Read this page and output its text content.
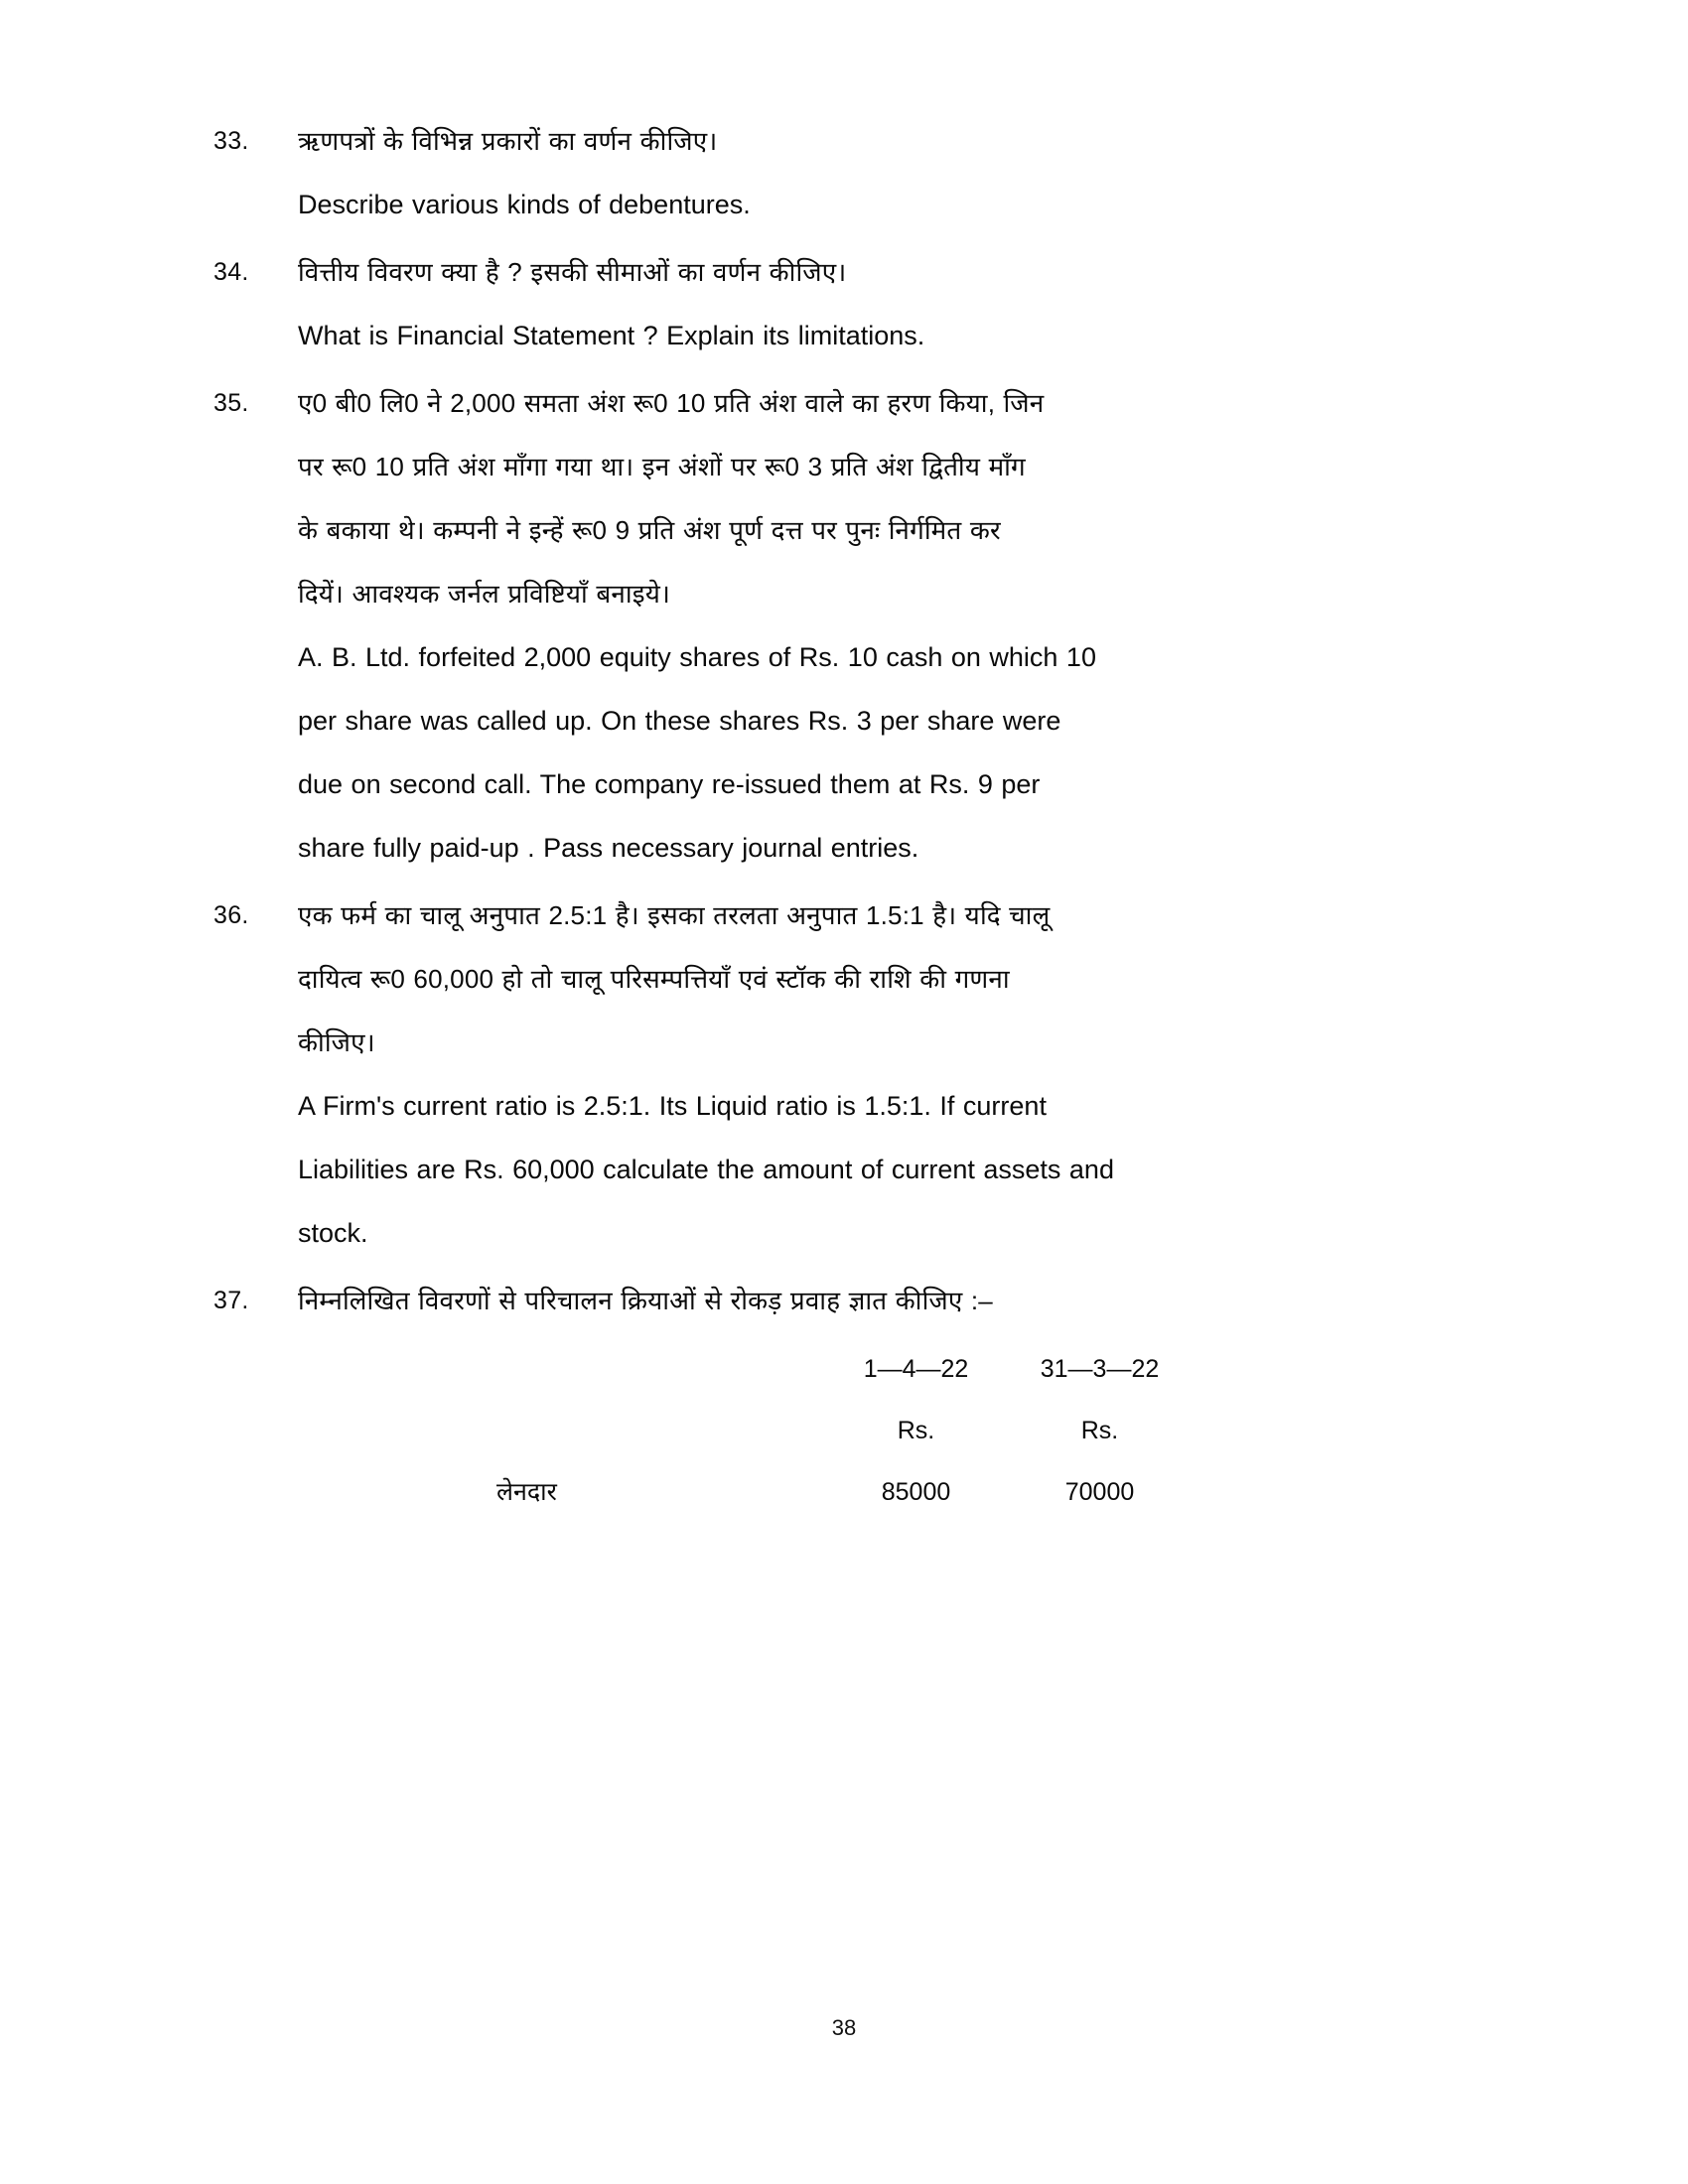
33.	ऋणपत्रों के विभिन्न प्रकारों का वर्णन कीजिए।

Describe various kinds of debentures.

34.	वित्तीय विवरण क्या है ? इसकी सीमाओं का वर्णन कीजिए।

What is Financial Statement ? Explain its limitations.

35.	ए0 बी0 लि0 ने 2,000 समता अंश रू0 10 प्रति अंश वाले का हरण किया, जिन

पर रू0 10 प्रति अंश माँगा गया था। इन अंशों पर रू0 3 प्रति अंश द्वितीय माँग

के बकाया थे। कम्पनी ने इन्हें रू0 9 प्रति अंश पूर्ण दत्त पर पुनः निर्गमित कर

दियें। आवश्यक जर्नल प्रविष्टियाँ बनाइये।

A. B. Ltd. forfeited 2,000 equity shares of Rs. 10 cash on which 10

per share was called up. On these shares Rs. 3 per share were

due on second call. The company re-issued them at Rs. 9 per

share fully paid-up . Pass necessary journal entries.

36.	एक फर्म का चालू अनुपात 2.5:1 है। इसका तरलता अनुपात 1.5:1 है। यदि चालू

दायित्व रू0 60,000 हो तो चालू परिसम्पत्तियाँ एवं स्टॉक की राशि की गणना

कीजिए।

A Firm's current ratio is 2.5:1. Its Liquid ratio is 1.5:1. If current

Liabilities are Rs. 60,000 calculate the amount of current assets and

stock.

37.	निम्नलिखित विवरणों से परिचालन क्रियाओं से रोकड़ प्रवाह ज्ञात कीजिए :–

	1—4—22	31—3—22
	Rs.	Rs.
लेनदार	85000	70000
38
